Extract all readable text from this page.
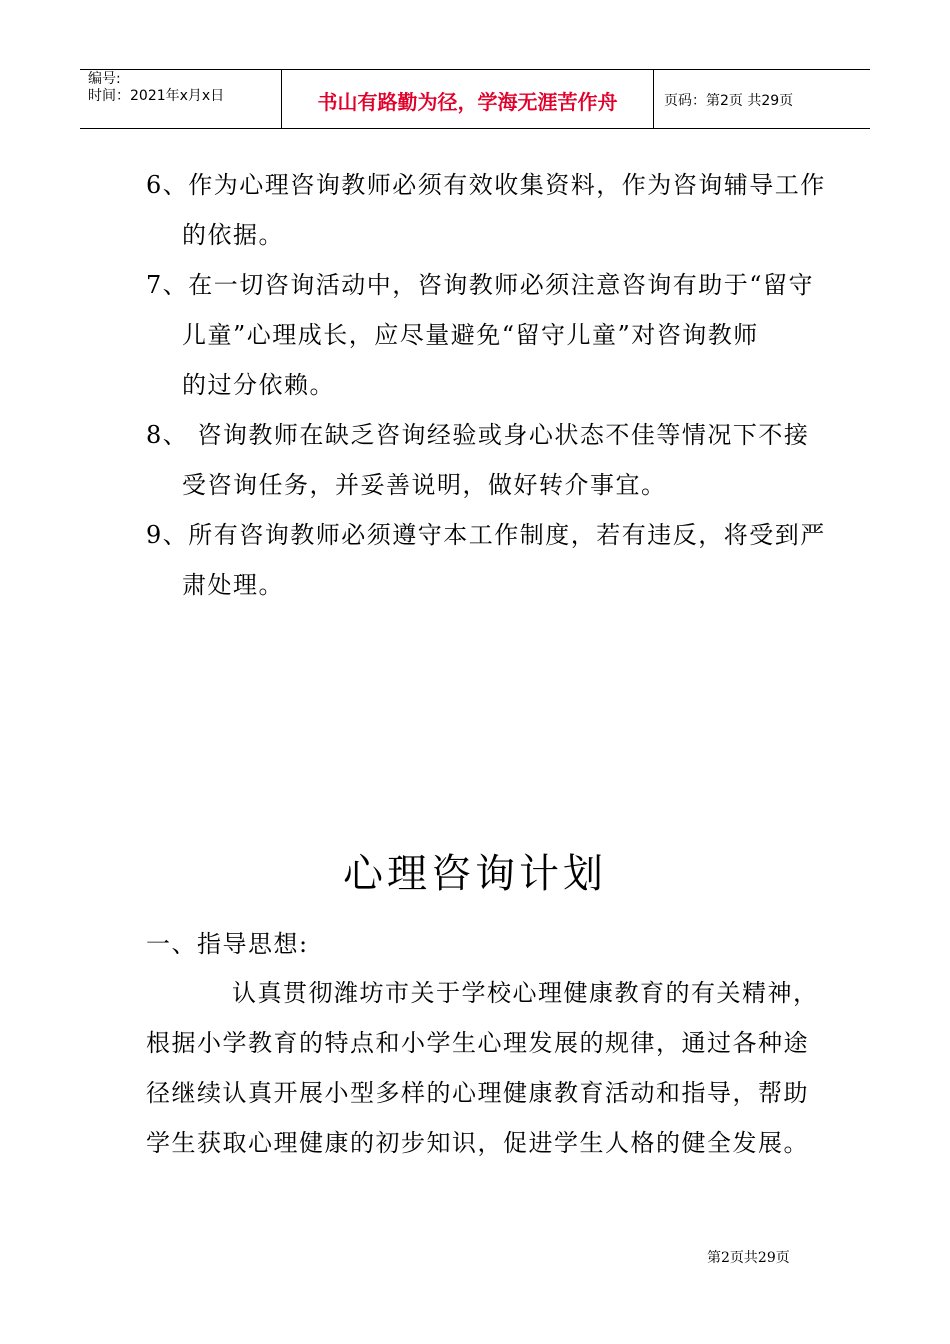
编号:
时间：2021年x月x日	书山有路勤为径，学海无涯苦作舟	页码：第2页 共29页
6、作为心理咨询教师必须有效收集资料，作为咨询辅导工作
的依据。
7、在一切咨询活动中，咨询教师必须注意咨询有助于“留守
儿童”心理成长，应尽量避免“留守儿童”对咨询教师
的过分依赖。
8、 咨询教师在缺乏咨询经验或身心状态不佳等情况下不接
受咨询任务，并妥善说明，做好转介事宜。
9、所有咨询教师必须遵守本工作制度，若有违反，将受到严
肃处理。
心理咨询计划
一、指导思想:
认真贯彻潍坊市关于学校心理健康教育的有关精神，
根据小学教育的特点和小学生心理发展的规律，通过各种途
径继续认真开展小型多样的心理健康教育活动和指导，帮助
学生获取心理健康的初步知识，促进学生人格的健全发展。
第2页共29页
